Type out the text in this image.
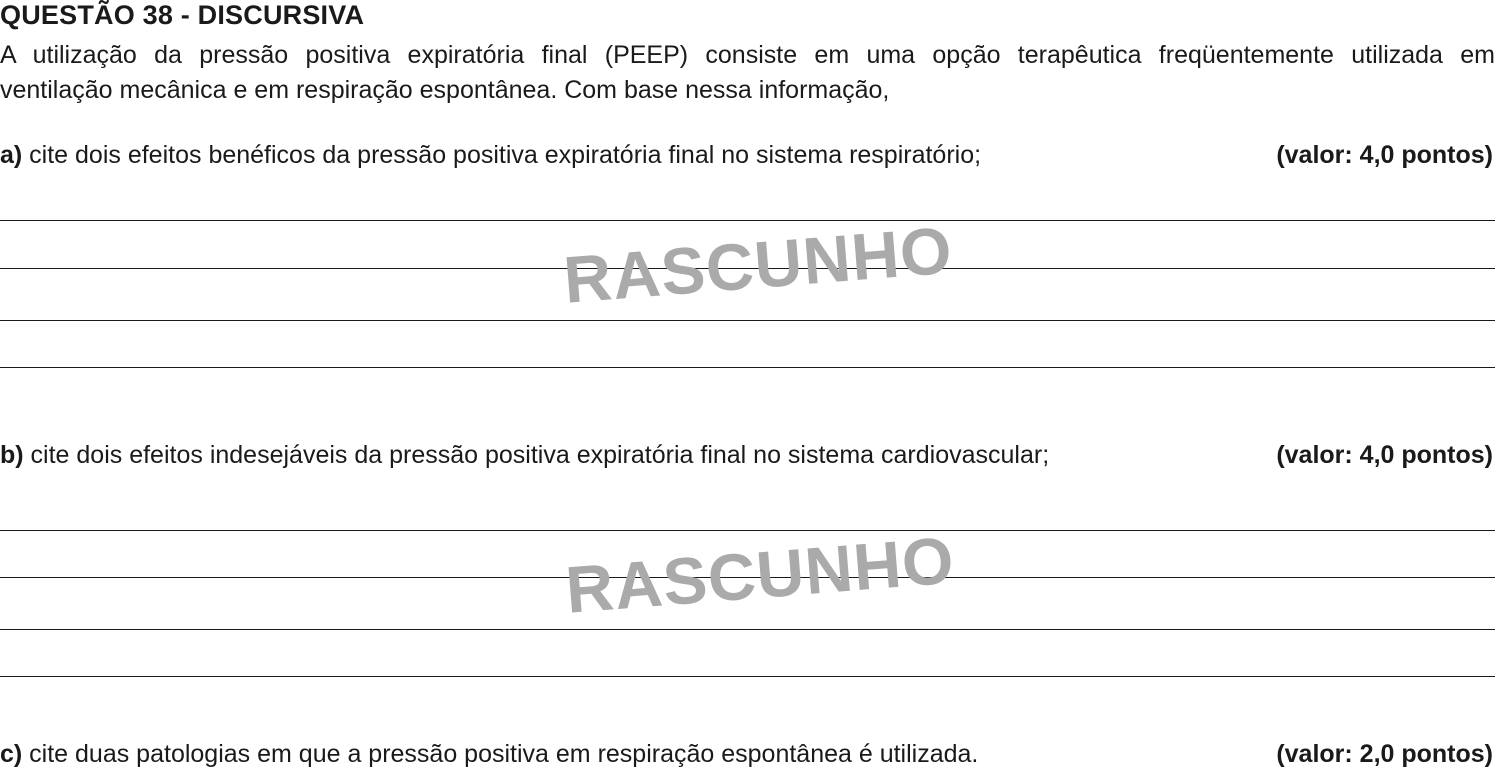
QUESTÃO 38 - DISCURSIVA
A utilização da pressão positiva expiratória final (PEEP) consiste em uma opção terapêutica freqüentemente utilizada em
ventilação mecânica e em respiração espontânea. Com base nessa informação,
a) cite dois efeitos benéficos da pressão positiva expiratória final no sistema respiratório;	(valor: 4,0 pontos)
RASCUNHO
b) cite dois efeitos indesejáveis da pressão positiva expiratória final no sistema cardiovascular;	(valor: 4,0 pontos)
RASCUNHO
c) cite duas patologias em que a pressão positiva em respiração espontânea é utilizada.	(valor: 2,0 pontos)
